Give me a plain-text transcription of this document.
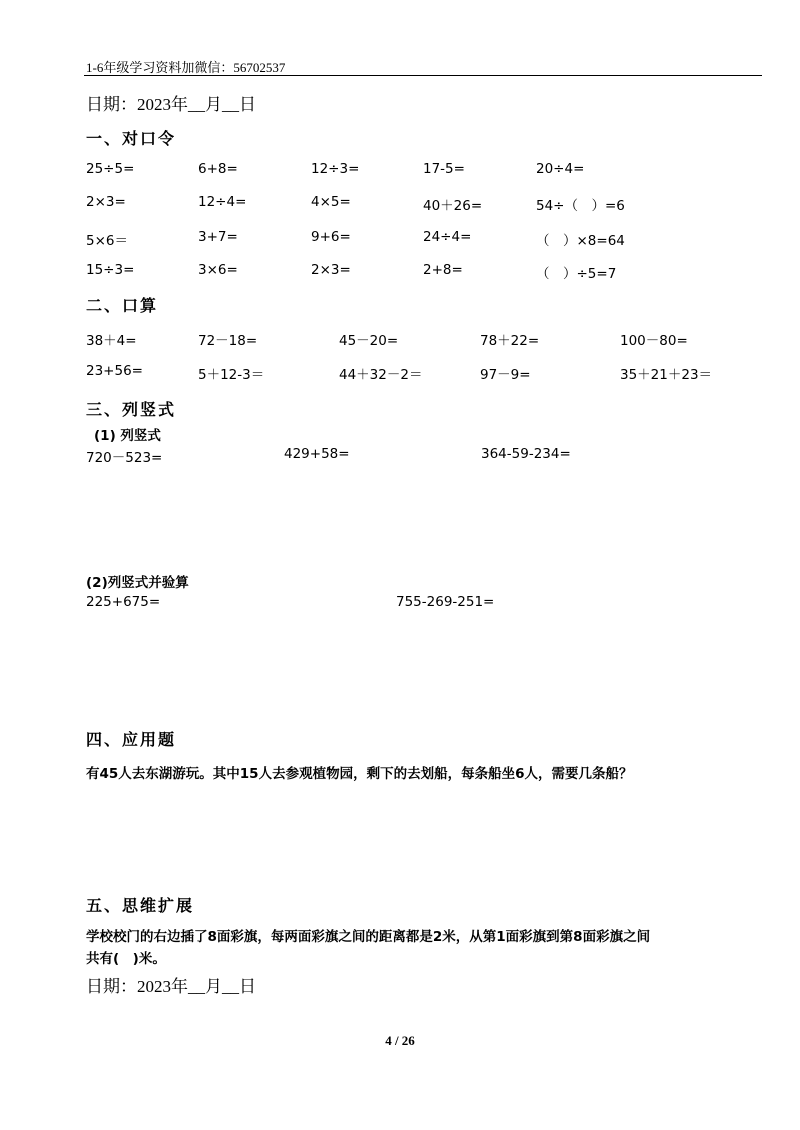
1-6年级学习资料加微信：56702537
日期：2023年__月__日
一、对口令
25÷5=	6+8=	12÷3=	17-5=	20÷4=
2×3=	12÷4=	4×5=	40＋26=	54÷（　）=6
5×6＝	3+7=	9+6=	24÷4=	（　）×8=64
15÷3=	3×6=	2×3=	2+8=	（　）÷5=7
二、口算
38＋4=	72－18=	45－20=	78＋22=	100－80=
23+56=	5＋12-3＝	44＋32－2＝	97－9=	35＋21＋23＝
三、列竖式
(1) 列竖式
720－523=	429+58=	364-59-234=
(2)列竖式并验算
225+675=	755-269-251=
四、应用题
有45人去东湖游玩。其中15人去参观植物园，剩下的去划船，每条船坐6人，需要几条船？
五、思维扩展
学校校门的右边插了8面彩旗，每两面彩旗之间的距离都是2米，从第1面彩旗到第8面彩旗之间
共有(　)米。
日期：2023年__月__日
4 / 26
